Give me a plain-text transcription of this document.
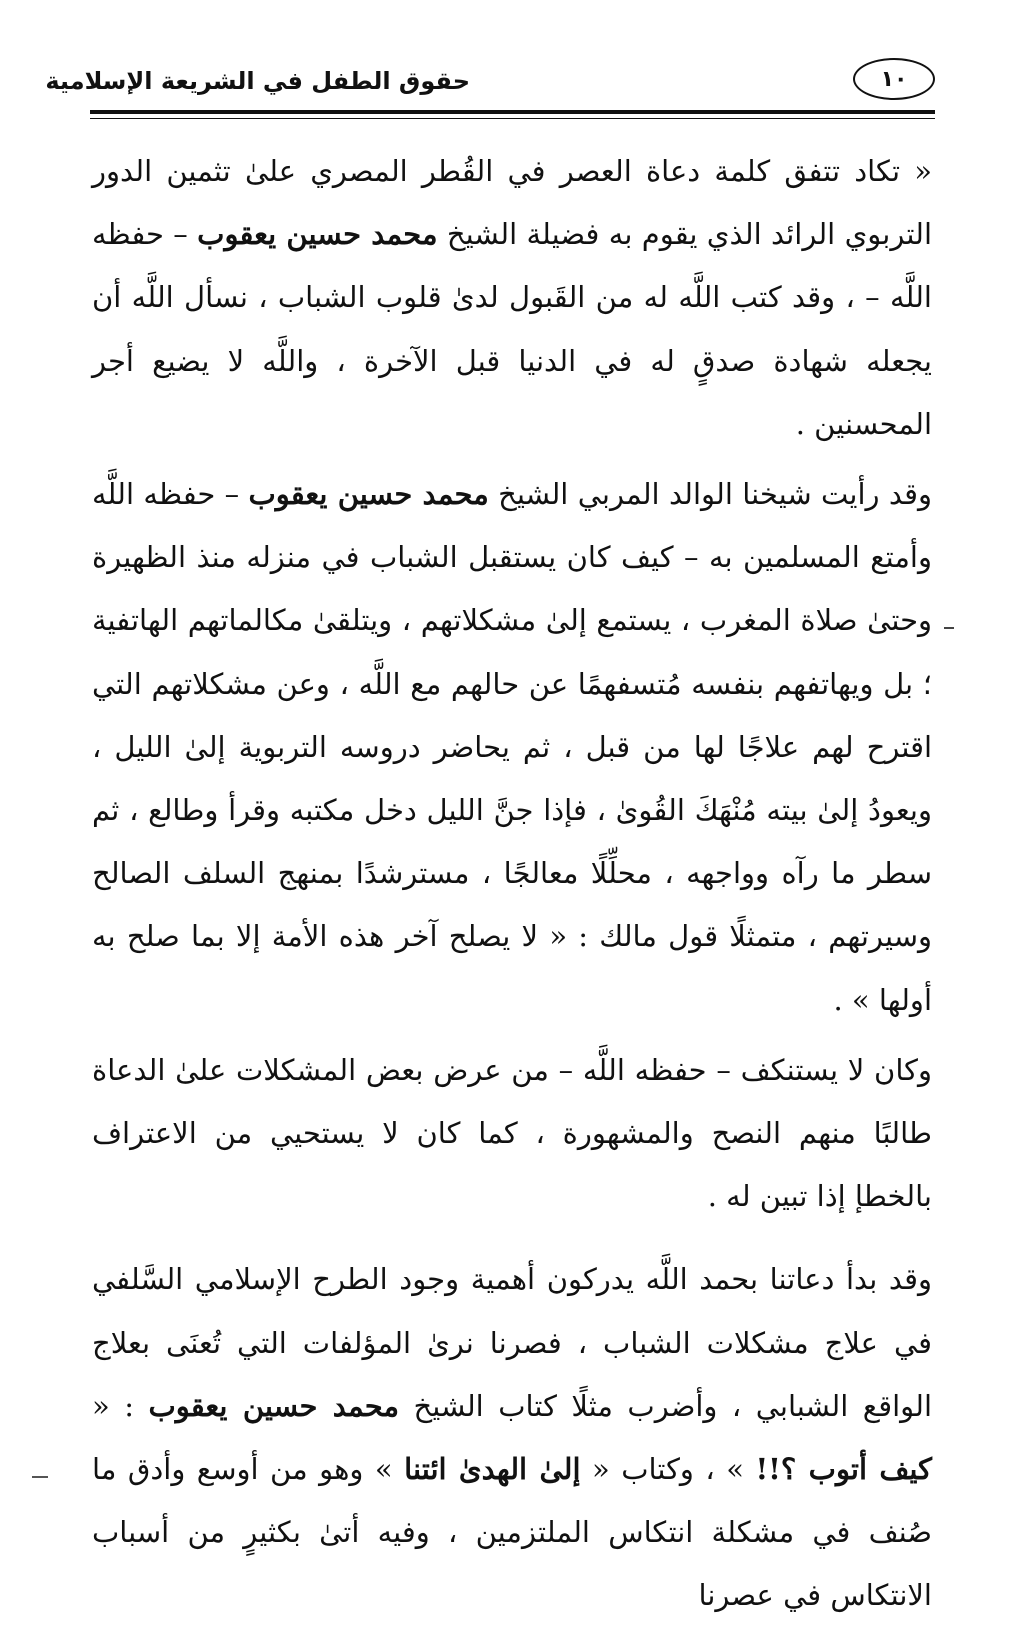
١٠
حقوق الطفل في الشريعة الإسلامية

« تكاد تتفق كلمة دعاة العصر في القُطر المصري علىٰ تثمين الدور التربوي الرائد الذي يقوم به فضيلة الشيخ محمد حسين يعقوب – حفظه اللَّه – ، وقد كتب اللَّه له من القَبول لدىٰ قلوب الشباب ، نسأل اللَّه أن يجعله شهادة صدقٍ له في الدنيا قبل الآخرة ، واللَّه لا يضيع أجر المحسنين .

وقد رأيت شيخنا الوالد المربي الشيخ محمد حسين يعقوب – حفظه اللَّه وأمتع المسلمين به – كيف كان يستقبل الشباب في منزله منذ الظهيرة وحتىٰ صلاة المغرب ، يستمع إلىٰ مشكلاتهم ، ويتلقىٰ مكالماتهم الهاتفية ؛ بل ويهاتفهم بنفسه مُتسفهمًا عن حالهم مع اللَّه ، وعن مشكلاتهم التي اقترح لهم علاجًا لها من قبل ، ثم يحاضر دروسه التربوية إلىٰ الليل ، ويعودُ إلىٰ بيته مُنْهَكَ القُوىٰ ، فإذا جنَّ الليل دخل مكتبه وقرأ وطالع ، ثم سطر ما رآه وواجهه ، محلِّلًا معالجًا ، مسترشدًا بمنهج السلف الصالح وسيرتهم ، متمثلًا قول مالك : « لا يصلح آخر هذه الأمة إلا بما صلح به أولها » .

وكان لا يستنكف – حفظه اللَّه – من عرض بعض المشكلات علىٰ الدعاة طالبًا منهم النصح والمشهورة ، كما كان لا يستحيي من الاعتراف بالخطإ إذا تبين له .

وقد بدأ دعاتنا بحمد اللَّه يدركون أهمية وجود الطرح الإسلامي السَّلفي في علاج مشكلات الشباب ، فصرنا نرىٰ المؤلفات التي تُعنَى بعلاج الواقع الشبابي ، وأضرب مثلًا كتاب الشيخ محمد حسين يعقوب : « كيف أتوب ؟!! » ، وكتاب « إلىٰ الهدىٰ ائتنا » وهو من أوسع وأدق ما صُنف في مشكلة انتكاس الملتزمين ، وفيه أتىٰ بكثيرٍ من أسباب الانتكاس في عصرنا
